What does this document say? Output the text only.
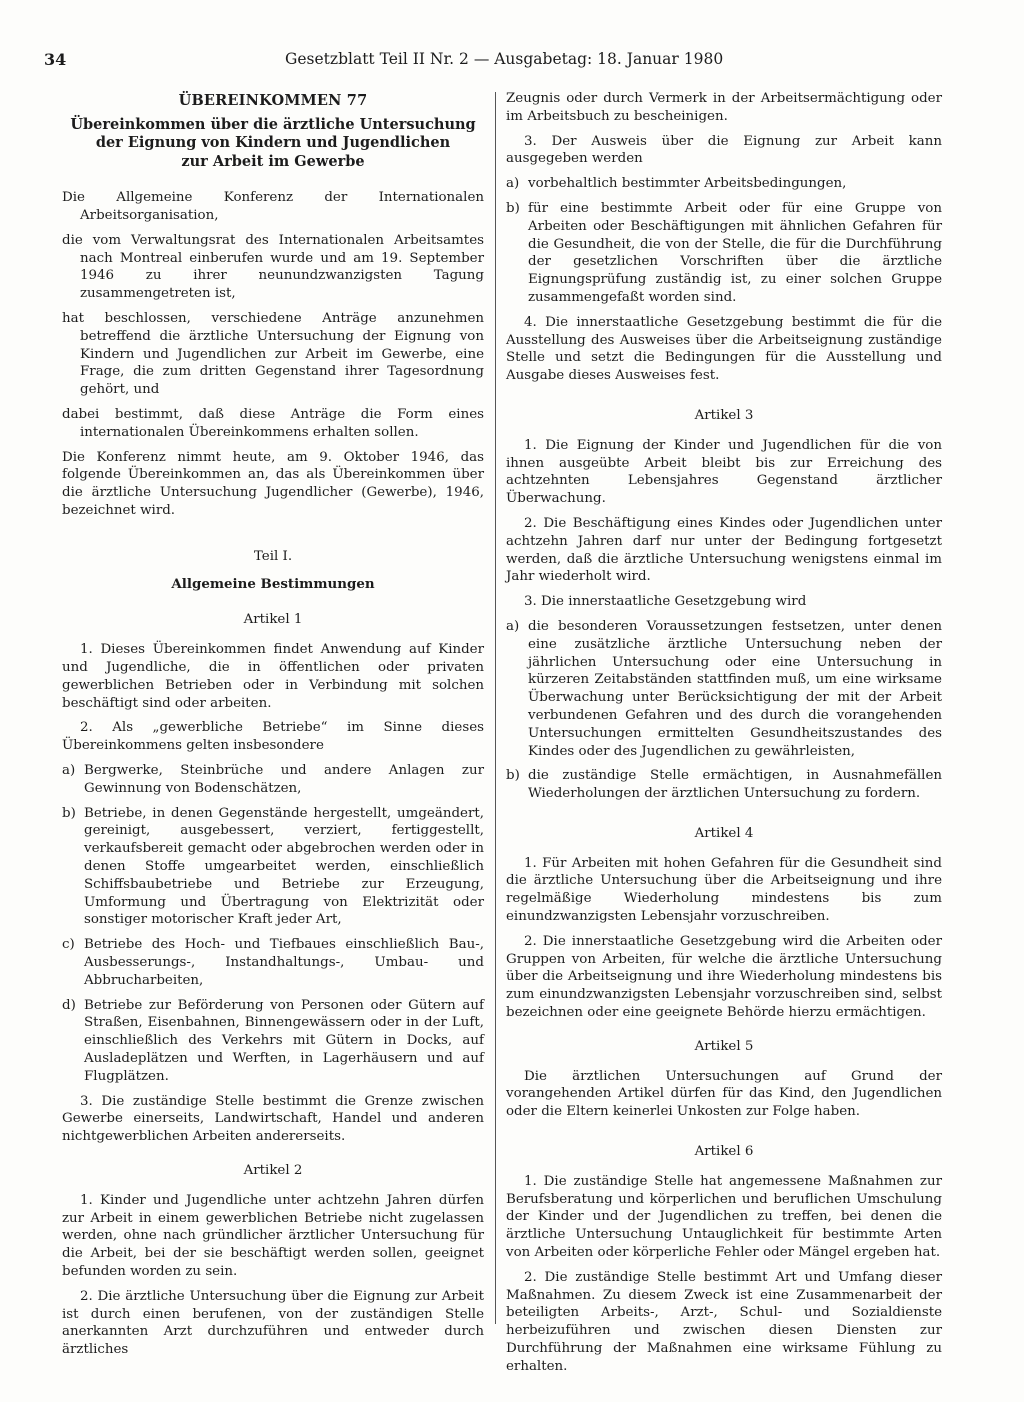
34	Gesetzblatt Teil II Nr. 2 — Ausgabetag: 18. Januar 1980

ÜBEREINKOMMEN 77

Übereinkommen über die ärztliche Untersuchung
der Eignung von Kindern und Jugendlichen
zur Arbeit im Gewerbe

Die Allgemeine Konferenz der Internationalen Arbeitsorganisation,

die vom Verwaltungsrat des Internationalen Arbeitsamtes nach Montreal einberufen wurde und am 19. September 1946 zu ihrer neunundzwanzigsten Tagung zusammengetreten ist,

hat beschlossen, verschiedene Anträge anzunehmen betreffend die ärztliche Untersuchung der Eignung von Kindern und Jugendlichen zur Arbeit im Gewerbe, eine Frage, die zum dritten Gegenstand ihrer Tagesordnung gehört, und

dabei bestimmt, daß diese Anträge die Form eines internationalen Übereinkommens erhalten sollen.

Die Konferenz nimmt heute, am 9. Oktober 1946, das folgende Übereinkommen an, das als Übereinkommen über die ärztliche Untersuchung Jugendlicher (Gewerbe), 1946, bezeichnet wird.

Teil I.

Allgemeine Bestimmungen

Artikel 1

1. Dieses Übereinkommen findet Anwendung auf Kinder und Jugendliche, die in öffentlichen oder privaten gewerblichen Betrieben oder in Verbindung mit solchen beschäftigt sind oder arbeiten.

2. Als „gewerbliche Betriebe“ im Sinne dieses Übereinkommens gelten insbesondere

a) Bergwerke, Steinbrüche und andere Anlagen zur Gewinnung von Bodenschätzen,
b) Betriebe, in denen Gegenstände hergestellt, umgeändert, gereinigt, ausgebessert, verziert, fertiggestellt, verkaufsbereit gemacht oder abgebrochen werden oder in denen Stoffe umgearbeitet werden, einschließlich Schiffsbaubetriebe und Betriebe zur Erzeugung, Umformung und Übertragung von Elektrizität oder sonstiger motorischer Kraft jeder Art,
c) Betriebe des Hoch- und Tiefbaues einschließlich Bau-, Ausbesserungs-, Instandhaltungs-, Umbau- und Abbrucharbeiten,
d) Betriebe zur Beförderung von Personen oder Gütern auf Straßen, Eisenbahnen, Binnengewässern oder in der Luft, einschließlich des Verkehrs mit Gütern in Docks, auf Ausladeplätzen und Werften, in Lagerhäusern und auf Flugplätzen.

3. Die zuständige Stelle bestimmt die Grenze zwischen Gewerbe einerseits, Landwirtschaft, Handel und anderen nichtgewerblichen Arbeiten andererseits.

Artikel 2

1. Kinder und Jugendliche unter achtzehn Jahren dürfen zur Arbeit in einem gewerblichen Betriebe nicht zugelassen werden, ohne nach gründlicher ärztlicher Untersuchung für die Arbeit, bei der sie beschäftigt werden sollen, geeignet befunden worden zu sein.

2. Die ärztliche Untersuchung über die Eignung zur Arbeit ist durch einen berufenen, von der zuständigen Stelle anerkannten Arzt durchzuführen und entweder durch ärztliches

Zeugnis oder durch Vermerk in der Arbeitsermächtigung oder im Arbeitsbuch zu bescheinigen.

3. Der Ausweis über die Eignung zur Arbeit kann ausgegeben werden

a) vorbehaltlich bestimmter Arbeitsbedingungen,
b) für eine bestimmte Arbeit oder für eine Gruppe von Arbeiten oder Beschäftigungen mit ähnlichen Gefahren für die Gesundheit, die von der Stelle, die für die Durchführung der gesetzlichen Vorschriften über die ärztliche Eignungsprüfung zuständig ist, zu einer solchen Gruppe zusammengefaßt worden sind.

4. Die innerstaatliche Gesetzgebung bestimmt die für die Ausstellung des Ausweises über die Arbeitseignung zuständige Stelle und setzt die Bedingungen für die Ausstellung und Ausgabe dieses Ausweises fest.

Artikel 3

1. Die Eignung der Kinder und Jugendlichen für die von ihnen ausgeübte Arbeit bleibt bis zur Erreichung des achtzehnten Lebensjahres Gegenstand ärztlicher Überwachung.

2. Die Beschäftigung eines Kindes oder Jugendlichen unter achtzehn Jahren darf nur unter der Bedingung fortgesetzt werden, daß die ärztliche Untersuchung wenigstens einmal im Jahr wiederholt wird.

3. Die innerstaatliche Gesetzgebung wird

a) die besonderen Voraussetzungen festsetzen, unter denen eine zusätzliche ärztliche Untersuchung neben der jährlichen Untersuchung oder eine Untersuchung in kürzeren Zeitabständen stattfinden muß, um eine wirksame Überwachung unter Berücksichtigung der mit der Arbeit verbundenen Gefahren und des durch die vorangehenden Untersuchungen ermittelten Gesundheitszustandes des Kindes oder des Jugendlichen zu gewährleisten,
b) die zuständige Stelle ermächtigen, in Ausnahmefällen Wiederholungen der ärztlichen Untersuchung zu fordern.

Artikel 4

1. Für Arbeiten mit hohen Gefahren für die Gesundheit sind die ärztliche Untersuchung über die Arbeitseignung und ihre regelmäßige Wiederholung mindestens bis zum einundzwanzigsten Lebensjahr vorzuschreiben.

2. Die innerstaatliche Gesetzgebung wird die Arbeiten oder Gruppen von Arbeiten, für welche die ärztliche Untersuchung über die Arbeitseignung und ihre Wiederholung mindestens bis zum einundzwanzigsten Lebensjahr vorzuschreiben sind, selbst bezeichnen oder eine geeignete Behörde hierzu ermächtigen.

Artikel 5

Die ärztlichen Untersuchungen auf Grund der vorangehenden Artikel dürfen für das Kind, den Jugendlichen oder die Eltern keinerlei Unkosten zur Folge haben.

Artikel 6

1. Die zuständige Stelle hat angemessene Maßnahmen zur Berufsberatung und körperlichen und beruflichen Umschulung der Kinder und der Jugendlichen zu treffen, bei denen die ärztliche Untersuchung Untauglichkeit für bestimmte Arten von Arbeiten oder körperliche Fehler oder Mängel ergeben hat.

2. Die zuständige Stelle bestimmt Art und Umfang dieser Maßnahmen. Zu diesem Zweck ist eine Zusammenarbeit der beteiligten Arbeits-, Arzt-, Schul- und Sozialdienste herbeizuführen und zwischen diesen Diensten zur Durchführung der Maßnahmen eine wirksame Fühlung zu erhalten.
